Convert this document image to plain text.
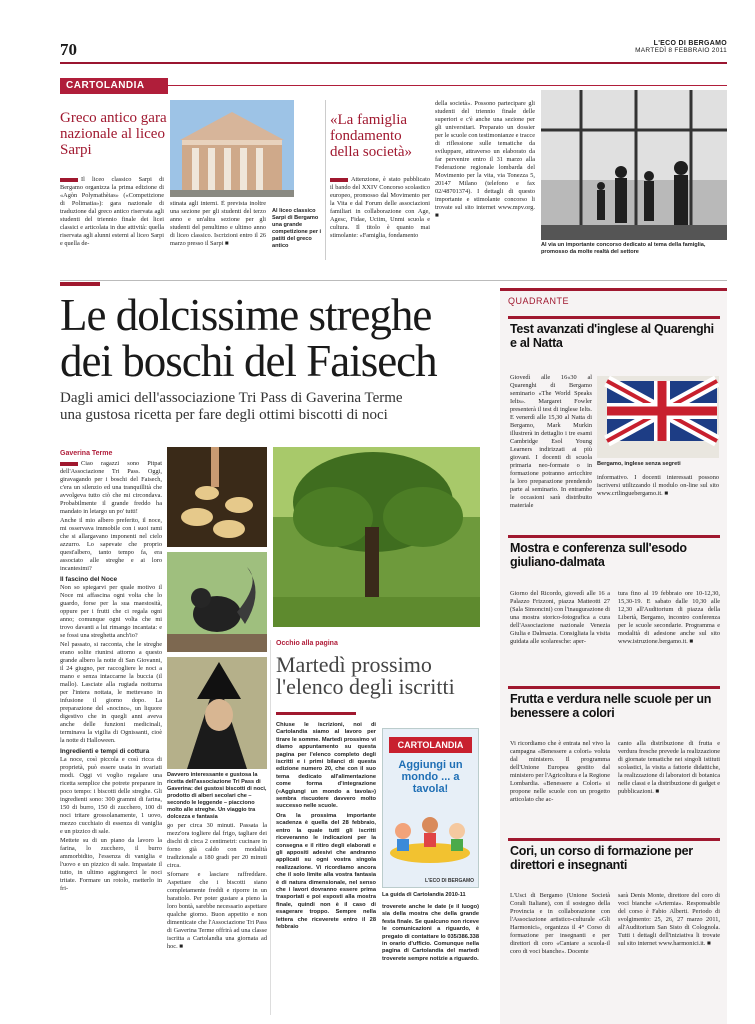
70	L'ECO DI BERGAMO
MARTEDÌ 8 FEBBRAIO 2011
CARTOLANDIA
Greco antico gara nazionale al liceo Sarpi
Il liceo classico Sarpi di Bergamo organizza la prima edizione di «Agòn Polymathèias» («Competizione di Polimatia»): gara nazionale di traduzione dal greco antico riservata agli studenti del triennio finale dei licei classici e articolata in due attività: quella riservata agli alunni esterni al liceo Sarpi e quella de-
stinata agli interni. È prevista inoltre una sezione per gli studenti del terzo anno e un'altra sezione per gli studenti del penultimo e ultimo anno di liceo classico. Iscrizioni entro il 26 marzo presso il Sarpi ■
Al liceo classico Sarpi di Bergamo una grande competizione per i patiti del greco antico
«La famiglia fondamento della società»
Attenzione, è stato pubblicato il bando del XXIV Concorso scolastico europeo, promosso dal Movimento per la Vita e dal Forum delle associazioni familiari in collaborazione con Age, Agesc, Fidae, Uciim, Unmi scuola e cultura. Il titolo è quanto mai stimolante: «Famiglia, fondamento
della società». Possono partecipare gli studenti del triennio finale delle superiori e c'è anche una sezione per gli universitari. Preparato un dossier per le scuole con testimonianze e tracce di riflessione sulle tematiche da sviluppare, attraverso un elaborato da far pervenire entro il 31 marzo alla Federazione regionale lombarda del Movimento per la vita, via Tonezza 5, 20147 Milano (telefono e fax 02/48701374). I dettagli di questo importante e stimolante concorso li trovate sul sito internet www.mpv.org. ■
Al via un importante concorso dedicato al tema della famiglia, promosso da molte realtà del settore
Le dolcissime streghe
dei boschi del Faisech
Dagli amici dell'associazione Tri Pass di Gaverina Terme
una gustosa ricetta per fare degli ottimi biscotti di noci
Gaverina Terme

Ciao ragazzi sono Pitpat dell'Associazione Tri Pass. Oggi, giravagando per i boschi del Faisech, c'era un silenzio ed una tranquillità che avvolgeva tutto ciò che mi circondava. Probabilmente il grande freddo ha mandato in letargo un po' tutti!

Anche il mio albero preferito, il noce, mi osservava immobile con i suoi rami che si allargavano imponenti nel cielo azzurro. Lo sapevate che proprio quest'albero, tanto tempo fa, era associato alle streghe e ai loro incantesimi?

Il fascino del Noce

Non so spiegarvi per quale motivo il Noce mi affascina ogni volta che lo guardo, forse per la sua maestosità, oppure per i frutti che ci regala ogni anno; comunque ogni volta che mi trovo davanti a lui rimango incantata: e se fossi una streghetta anch'io?

Nel passato, si racconta, che le streghe erano solite riunirsi attorno a questo grande albero la notte di San Giovanni, il 24 giugno, per raccogliere le noci a mano e senza intaccarne la buccia (il mallo). Lasciate alla rugiada notturna per l'intera nottata, le mettevano in infusione il giorno dopo. La preparazione del «nocino», un liquore digestivo che in quegli anni aveva anche delle funzioni medicinali, terminava la vigilia di Ognissanti, cioè la notte di Halloween.

Ingredienti e tempi di cottura

La noce, così piccola e così ricca di proprietà, può essere usata in svariati modi. Oggi vi voglio regalare una ricetta semplice che potrete preparare in poco tempo: i biscotti delle streghe. Gli ingredienti sono: 300 grammi di farina, 150 di burro, 150 di zucchero, 100 di noci tritare grossolanamente, 1 uovo, mezzo cucchiaio di essenza di vaniglia e un pizzico di sale.

Mettete su di un piano da lavoro la farina, lo zucchero, il burro ammorbidito, l'essenza di vaniglia e l'uovo e un pizzico di sale. Impastate il tutto, in ultimo aggiungerci le noci tritate. Formare un rotolo, metterlo in fri-

Davvero interessante e gustosa la ricetta dell'associazione Tri Pass di Gaverina: dei gustosi biscotti di noci, prodotto di alberi secolari che – secondo le leggende – piacciono molto alle streghe. Un viaggio tra dolcezza e fantasia
Occhio alla pagina
Martedì prossimo
l'elenco degli iscritti

Chiuse le iscrizioni, noi di Cartolandia siamo al lavoro per tirare le somme. Martedì prossimo vi diamo appuntamento su questa pagina per l'elenco completo degli iscritti e i primi bilanci di questa edizione numero 20, che con il suo tema dedicato all'alimentazione come forma d'integrazione («Aggiungi un mondo a tavola») sembra riscuotere davvero molto successo nelle scuole.

Ora la prossima importante scadenza è quella del 28 febbraio, entro la quale tutti gli iscritti riceveranno le indicazioni per la consegna e il ritiro degli elaborati e gli appositi adesivi che andranno applicati su ogni vostra singola realizzazione. Vi ricordiamo ancora che il solo limite alla vostra fantasia è di natura dimensionale, nel senso che i lavori dovranno essere prima trasportati e poi esposti alla mostra finale, quindi non è il caso di esagerare troppo. Sempre nella lettera che riceverete entro il 28 febbraio

CARTOLANDIA
Aggiungi un mondo ... a tavola!
L'ECO DI BERGAMO
La guida di Cartolandia 2010-11
troverete anche le date (e il luogo) sia della mostra che della grande festa finale. Se qualcuno non riceve le comunicazioni a riguardo, è pregato di contattare lo 035/386.338 in orario d'ufficio. Comunque nella pagina di Cartolandia del martedì troverete sempre notizie a riguardo.

go per circa 30 minuti. Passata la mezz'ora togliere dal frigo, tagliare dei dischi di circa 2 centimetri: cucinare in forno già caldo con modalità tradizionale a 180 gradi per 20 minuti circa.

Sfornare e lasciare raffreddare. Aspettare che i biscotti siano completamente freddi e riporre in un barattolo. Per poter gustare a pieno la loro bontà, sarebbe necessario aspettare qualche giorno. Buon appetito e non dimenticate che l'Associazione Tri Pass di Gaverina Terme offrirà ad una classe iscritta a Cartolandia una giornata ad hoc. ■

QUADRANTE
Test avanzati d'inglese al Quarenghi e al Natta
Giovedì alle 16«30 al Quarenghi di Bergamo seminario «The World Speaks Ielts». Margaret Fowler presenterà il test di inglese Ielts. E venerdì alle 15,30 al Natta di Bergamo, Mark Murkin illustrerà in dettaglio i tre esami Cambridge Esol Young Learners indirizzati ai più giovani. I docenti di scuola primaria neo-formate o in formazione potranno arricchire la loro preparazione prendendo parte al seminario. In entrambe le occasioni sarà distribuito materiale
Bergamo, inglese senza segreti
informativo. I docenti interessati possono iscriversi utilizzando il modulo on-line sul sito www.crtlinguebergamo.it. ■
Mostra e conferenza sull'esodo giuliano-dalmata
Giorno del Ricordo, giovedì alle 16 a Palazzo Frizzoni, piazza Matteotti 27 (Sala Simoncini) con l'inaugurazione di una mostra storico-fotografica a cura dell'Associazione nazionale Venezia Giulia e Dalmazia. Consigliata la visita guidata alle scolaresche: aper-
tura fino al 19 febbraio ore 10-12,30, 15,30-19. E sabato dalle 10,30 alle 12,30 all'Auditorium di piazza della Libertà, Bergamo, incontro conferenza per le scuole secondarie. Programma e modalità di adesione anche sul sito www.istruzione.bergamo.it. ■
Frutta e verdura nelle scuole per un benessere a colori
Vi ricordiamo che è entrata nel vivo la campagna «Benessere a colori» voluta dal ministero. Il programma dell'Unione Europea gestito dal ministero per l'Agricoltura e la Regione Lombardia. «Benessere a Colori» si propone nelle scuole con un progetto articolato che ac-
canto alla distribuzione di frutta e verdura fresche prevede la realizzazione di giornate tematiche nei singoli istituti scolastici, la visita a fattorie didattiche, la realizzazione di laboratori di botanica nelle classi e la distribuzione di gadget e pubblicazioni. ■
Cori, un corso di formazione per direttori e insegnanti
L'Usci di Bergamo (Unione Società Corali Italiane), con il sostegno della Provincia e in collaborazione con l'Associazione artistico-culturale «Gli Harmonici», organizza il 4° Corso di formazione per insegnanti e per direttori di coro «Cantare a scuola-il coro di voci bianche». Docente
sarà Denis Monte, direttore del coro di voci bianche «Artemia». Responsabile del corso è Fabio Alberti. Periodo di svolgimento: 25, 26, 27 marzo 2011, all'Auditorium San Sisto di Colognola. Tutti i dettagli dell'iniziativa li trovate sul sito internet www.harmonici.it. ■
